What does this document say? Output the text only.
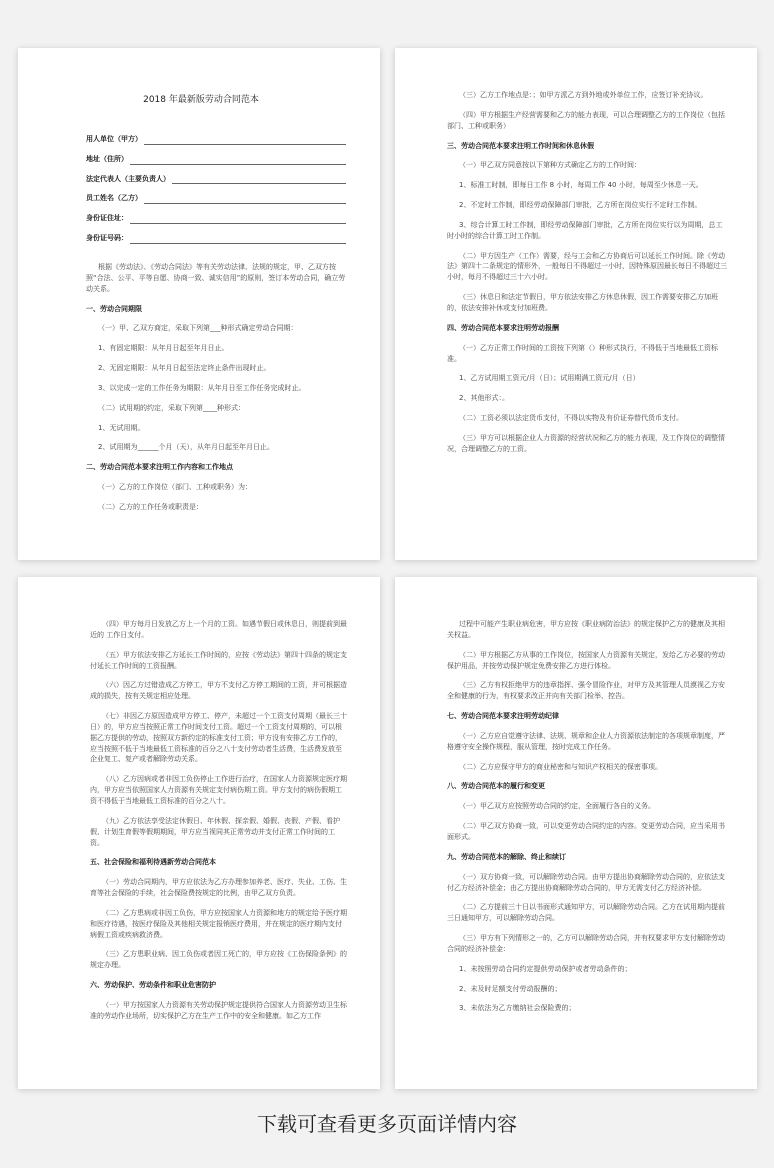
2018 年最新版劳动合同范本
用人单位（甲方）
地址（住所）
法定代表人（主要负责人）
员工姓名（乙方）
身份证住址：
身份证号码：
根据《劳动法》、《劳动合同法》等有关劳动法律、法规的规定，甲、乙双方按照“合法、公平、平等自愿、协商一致、诚实信用”的原则，签订本劳动合同，确立劳动关系。
一、劳动合同期限
（一）甲、乙双方商定，采取下列第___种形式确定劳动合同期：
1、有固定期限：从年月日起至年月日止。
2、无固定期限：从年月日起至法定终止条件出现时止。
3、以完成一定的工作任务为期限：从年月日至工作任务完成时止。
（二）试用期的约定，采取下列第____种形式：
1、无试用期。
2、试用期为______个月（天），从年月日起至年月日止。
二、劳动合同范本要求注明工作内容和工作地点
（一）乙方的工作岗位（部门、工种或职务）为：
（二）乙方的工作任务或职责是：
（三）乙方工作地点是：；如甲方派乙方到外地或外单位工作，应签订补充协议。
（四）甲方根据生产经营需要和乙方的能力表现，可以合理调整乙方的工作岗位（包括部门、工种或职务）
三、劳动合同范本要求注明工作时间和休息休假
（一）甲乙双方同意按以下第种方式确定乙方的工作时间：
1、标准工时制，即每日工作 8 小时，每周工作 40 小时，每周至少休息一天。
2、不定时工作制，即经劳动保障部门审批，乙方所在岗位实行不定时工作制。
3、综合计算工时工作制，即经劳动保障部门审批，乙方所在岗位实行以为周期，总工时小时的综合计算工时工作制。
（二）甲方因生产（工作）需要，经与工会和乙方协商后可以延长工作时间。除《劳动法》第四十二条规定的情形外，一般每日不得超过一小时，因特殊原因最长每日不得超过三小时，每月不得超过三十六小时。
（三）休息日和法定节假日，甲方依法安排乙方休息休假，因工作需要安排乙方加班的，依法安排补休或支付加班费。
四、劳动合同范本要求注明劳动报酬
（一）乙方正常工作时间的工资按下列第（）种形式执行，不得低于当地最低工资标准。
1、乙方试用期工资元/月（日）；试用期满工资元/月（日）
2、其他形式：。
（二）工资必须以法定货币支付，不得以实物及有价证券替代货币支付。
（三）甲方可以根据企业人力资源的经营状况和乙方的能力表现，及工作岗位的调整情况，合理调整乙方的工资。
（四）甲方每月日发放乙方上一个月的工资。如遇节假日或休息日，则提前到最近的 工作日支付。
（五）甲方依法安排乙方延长工作时间的，应按《劳动法》第四十四条的规定支付延长工作时间的工资报酬。
（六）因乙方过错造成乙方停工，甲方不支付乙方停工期间的工资，并可根据造成的损失，按有关规定相应处理。
（七）非因乙方原因造成甲方停工、停产，未超过一个工资支付周期（最长三十日）的，甲方应当按照正常工作时间支付工资。超过一个工资支付周期的，可以根据乙方提供的劳动，按照双方新约定的标准支付工资；甲方没有安排乙方工作的，应当按照不低于当地最低工资标准的百分之八十支付劳动者生活费，生活费发放至企业复工、复产或者解除劳动关系。
（八）乙方因病或者非因工负伤停止工作进行治疗，在国家人力资源规定医疗期内，甲方应当依照国家人力资源有关规定支付病伤期工资。甲方支付的病伤假期工资不得低于当地最低工资标准的百分之八十。
（九）乙方依法享受法定休假日、年休假、探亲假、婚假、丧假、产假、看护假、计划生育假等假期期间，甲方应当视同其正常劳动并支付正常工作时间的工资。
五、社会保险和福利待遇新劳动合同范本
（一）劳动合同期内，甲方应依法为乙方办理参加养老、医疗、失业、工伤、生育等社会保险的手续，社会保险费按规定的比例，由甲乙双方负责。
（二）乙方患病或非因工负伤，甲方应按国家人力资源和地方的规定给予医疗期和医疗待遇，按医疗保险及其他相关规定报销医疗费用，并在规定的医疗期内支付病假工资或疾病救济费。
（三）乙方患职业病、因工负伤或者因工死亡的，甲方应按《工伤保险条例》的规定办理。
六、劳动保护、劳动条件和职业危害防护
（一）甲方按国家人力资源有关劳动保护规定提供符合国家人力资源劳动卫生标准的劳动作业场所，切实保护乙方在生产工作中的安全和健康。如乙方工作
过程中可能产生职业病危害，甲方应按《职业病防治法》的规定保护乙方的健康及其相关权益。
（二）甲方根据乙方从事的工作岗位，按国家人力资源有关规定，发给乙方必要的劳动保护用品，并按劳动保护规定免费安排乙方进行体检。
（三）乙方有权拒绝甲方的违章指挥、强令冒险作业，对甲方及其管理人员漠视乙方安全和健康的行为，有权要求改正并向有关部门检举、控告。
七、劳动合同范本要求注明劳动纪律
（一）乙方应自觉遵守法律、法规、规章和企业人力资源依法制定的各项规章制度，严格遵守安全操作规程，服从管理，按时完成工作任务。
（二）乙方应保守甲方的商业秘密和与知识产权相关的保密事项。
八、劳动合同范本的履行和变更
（一）甲乙双方应按照劳动合同的约定，全面履行各自的义务。
（二）甲乙双方协商一致，可以变更劳动合同约定的内容。变更劳动合同，应当采用书面形式。
九、劳动合同范本的解除、终止和续订
（一）双方协商一致，可以解除劳动合同。由甲方提出协商解除劳动合同的，应依法支付乙方经济补偿金；由乙方提出协商解除劳动合同的，甲方无需支付乙方经济补偿。
（二）乙方提前三十日以书面形式通知甲方，可以解除劳动合同。乙方在试用期内提前三日通知甲方，可以解除劳动合同。
（三）甲方有下列情形之一的，乙方可以解除劳动合同，并有权要求甲方支付解除劳动合同的经济补偿金：
1、未按照劳动合同约定提供劳动保护或者劳动条件的；
2、未及时足额支付劳动报酬的；
3、未依法为乙方缴纳社会保险费的；
下载可查看更多页面详情内容
